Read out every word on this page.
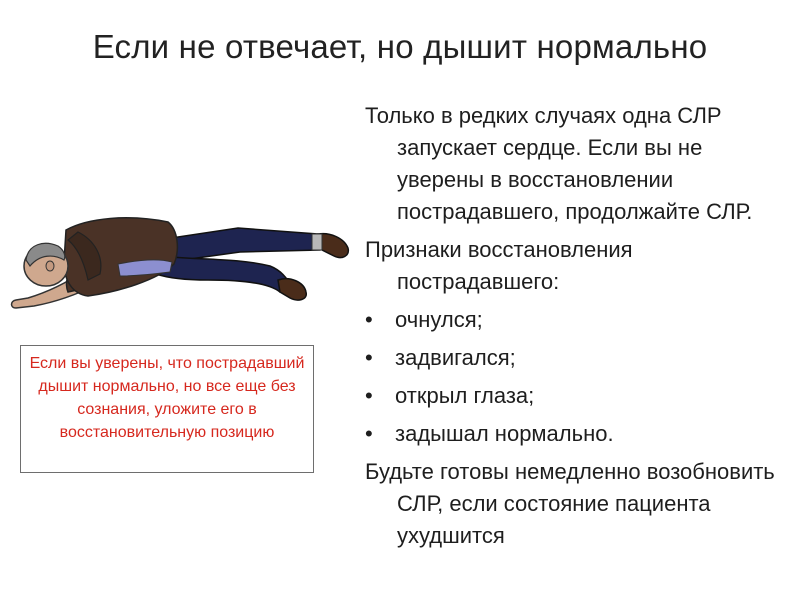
Если не отвечает, но дышит нормально
Если вы уверены, что пострадавший дышит нормально, но все еще без сознания, уложите его в восстановительную позицию

Только в редких случаях одна СЛР запускает сердце. Если вы не уверены в восстановлении пострадавшего, продолжайте СЛР.

Признаки восстановления пострадавшего:

• очнулся;
• задвигался;
• открыл глаза;
• задышал нормально.

Будьте готовы немедленно возобновить СЛР, если состояние пациента ухудшится
